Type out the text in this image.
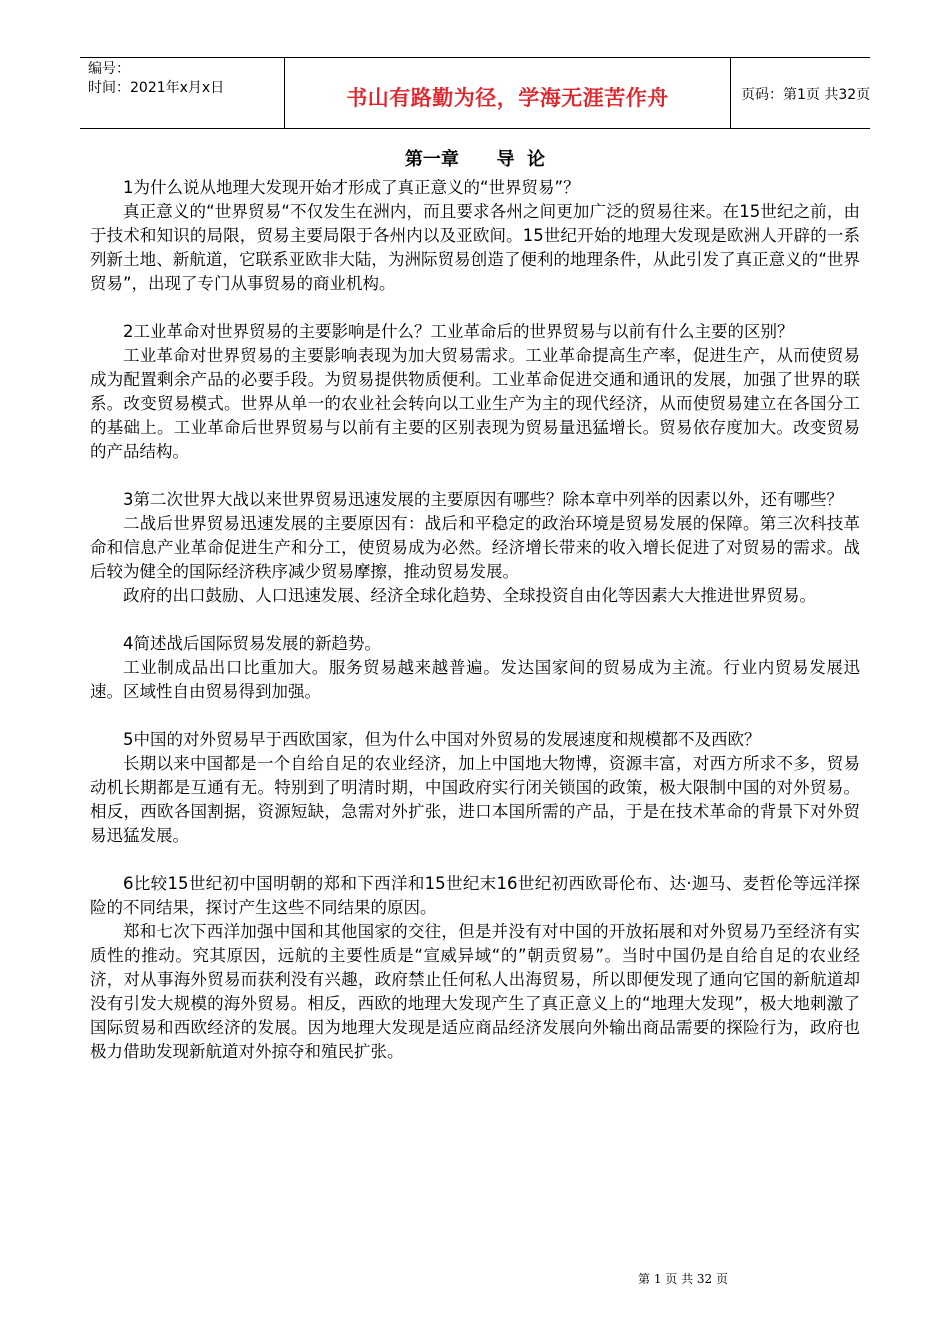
编号：
时间：2021年x月x日	书山有路勤为径，学海无涯苦作舟	页码：第1页 共32页
第一章      导  论

1为什么说从地理大发现开始才形成了真正意义的“世界贸易”？

真正意义的“世界贸易“不仅发生在洲内，而且要求各州之间更加广泛的贸易往来。在15世纪之前，由于技术和知识的局限，贸易主要局限于各州内以及亚欧间。15世纪开始的地理大发现是欧洲人开辟的一系列新土地、新航道，它联系亚欧非大陆，为洲际贸易创造了便利的地理条件，从此引发了真正意义的“世界贸易”，出现了专门从事贸易的商业机构。

2工业革命对世界贸易的主要影响是什么？工业革命后的世界贸易与以前有什么主要的区别？

工业革命对世界贸易的主要影响表现为加大贸易需求。工业革命提高生产率，促进生产，从而使贸易成为配置剩余产品的必要手段。为贸易提供物质便利。工业革命促进交通和通讯的发展，加强了世界的联系。改变贸易模式。世界从单一的农业社会转向以工业生产为主的现代经济，从而使贸易建立在各国分工的基础上。工业革命后世界贸易与以前有主要的区别表现为贸易量迅猛增长。贸易依存度加大。改变贸易的产品结构。

3第二次世界大战以来世界贸易迅速发展的主要原因有哪些？除本章中列举的因素以外，还有哪些？

二战后世界贸易迅速发展的主要原因有：战后和平稳定的政治环境是贸易发展的保障。第三次科技革命和信息产业革命促进生产和分工，使贸易成为必然。经济增长带来的收入增长促进了对贸易的需求。战后较为健全的国际经济秩序减少贸易摩擦，推动贸易发展。

政府的出口鼓励、人口迅速发展、经济全球化趋势、全球投资自由化等因素大大推进世界贸易。

4简述战后国际贸易发展的新趋势。

工业制成品出口比重加大。服务贸易越来越普遍。发达国家间的贸易成为主流。行业内贸易发展迅速。区域性自由贸易得到加强。

5中国的对外贸易早于西欧国家，但为什么中国对外贸易的发展速度和规模都不及西欧？

长期以来中国都是一个自给自足的农业经济，加上中国地大物博，资源丰富，对西方所求不多，贸易动机长期都是互通有无。特别到了明清时期，中国政府实行闭关锁国的政策，极大限制中国的对外贸易。相反，西欧各国割据，资源短缺，急需对外扩张，进口本国所需的产品，于是在技术革命的背景下对外贸易迅猛发展。

6比较15世纪初中国明朝的郑和下西洋和15世纪末16世纪初西欧哥伦布、达·迦马、麦哲伦等远洋探险的不同结果，探讨产生这些不同结果的原因。

郑和七次下西洋加强中国和其他国家的交往，但是并没有对中国的开放拓展和对外贸易乃至经济有实质性的推动。究其原因，远航的主要性质是“宣威异域“的”朝贡贸易”。当时中国仍是自给自足的农业经济，对从事海外贸易而获利没有兴趣，政府禁止任何私人出海贸易，所以即便发现了通向它国的新航道却没有引发大规模的海外贸易。相反，西欧的地理大发现产生了真正意义上的“地理大发现”，极大地刺激了国际贸易和西欧经济的发展。因为地理大发现是适应商品经济发展向外输出商品需要的探险行为，政府也极力借助发现新航道对外掠夺和殖民扩张。

第 1 页 共 32 页
